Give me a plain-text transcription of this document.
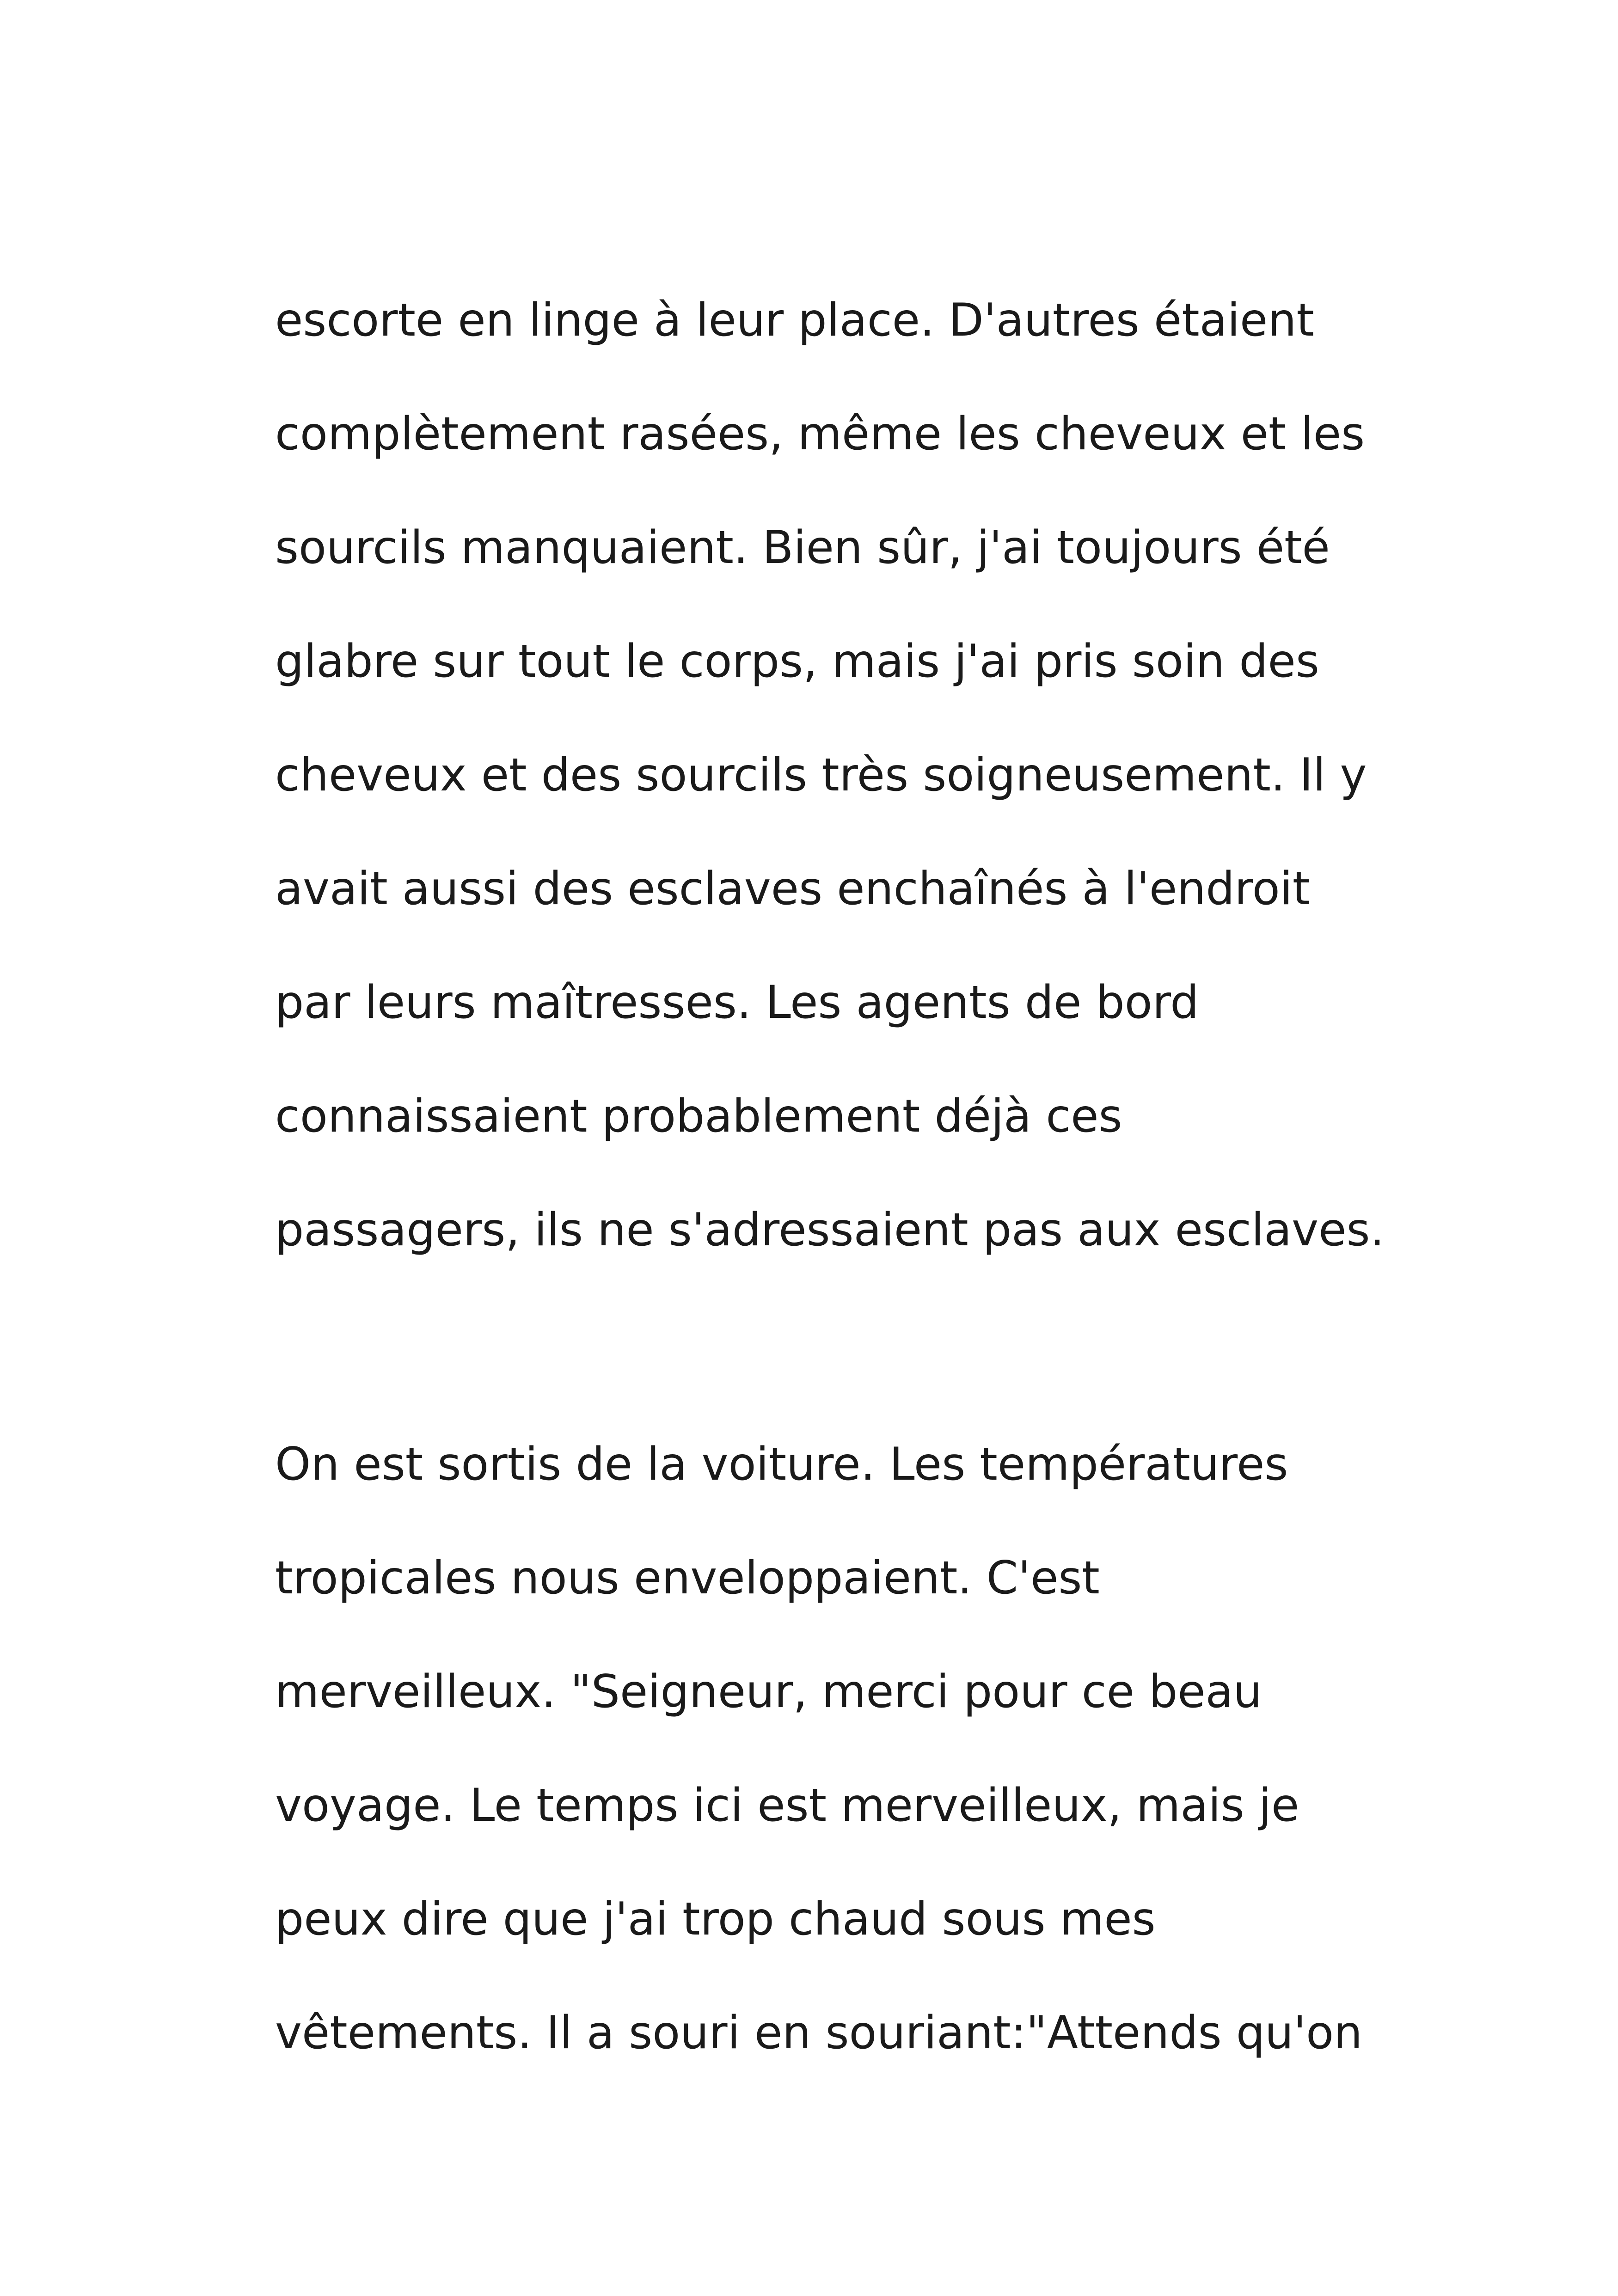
escorte en linge à leur place. D'autres étaient
complètement rasées, même les cheveux et les
sourcils manquaient. Bien sûr, j'ai toujours été
glabre sur tout le corps, mais j'ai pris soin des
cheveux et des sourcils très soigneusement. Il y
avait aussi des esclaves enchaînés à l'endroit
par leurs maîtresses. Les agents de bord
connaissaient probablement déjà ces
passagers, ils ne s'adressaient pas aux esclaves.
On est sortis de la voiture. Les températures
tropicales nous enveloppaient. C'est
merveilleux. "Seigneur, merci pour ce beau
voyage. Le temps ici est merveilleux, mais je
peux dire que j'ai trop chaud sous mes
vêtements. Il a souri en souriant:"Attends qu'on
